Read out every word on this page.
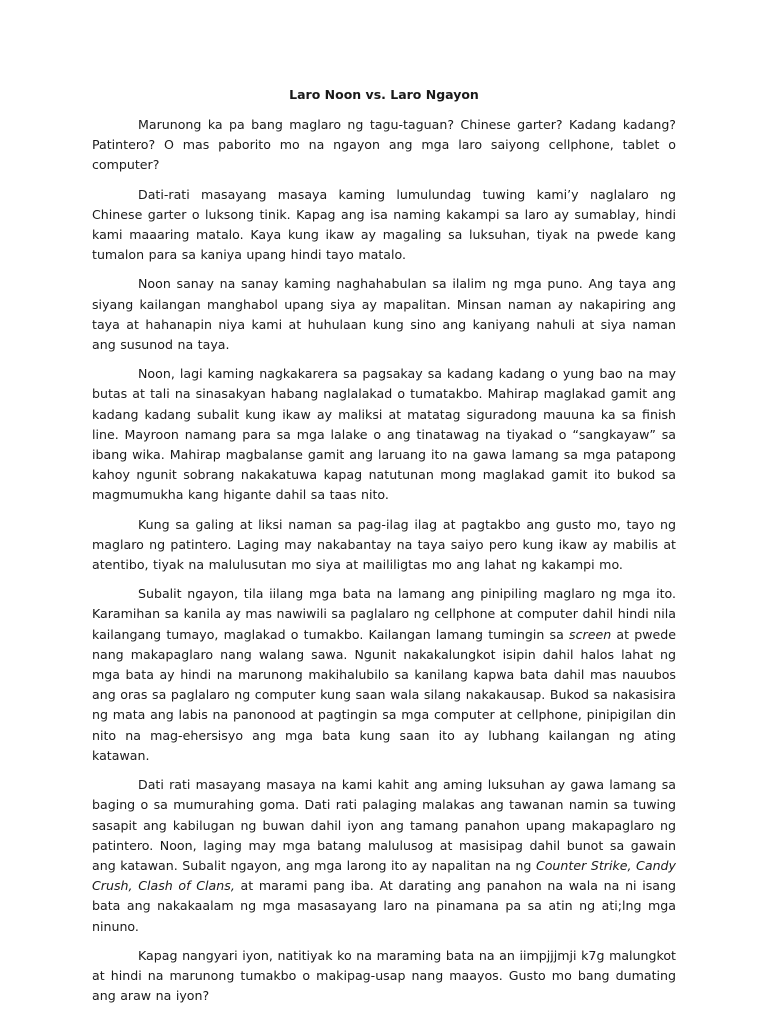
Laro Noon vs. Laro Ngayon

Marunong ka pa bang maglaro ng tagu-taguan? Chinese garter? Kadang kadang? Patintero? O mas paborito mo na ngayon ang mga laro saiyong cellphone, tablet o computer?

Dati-rati masayang masaya kaming lumulundag tuwing kami’y naglalaro ng Chinese garter o luksong tinik. Kapag ang isa naming kakampi sa laro ay sumablay, hindi kami maaaring matalo. Kaya kung ikaw ay magaling sa luksuhan, tiyak na pwede kang tumalon para sa kaniya upang hindi tayo matalo.

Noon sanay na sanay kaming naghahabulan sa ilalim ng mga puno. Ang taya ang siyang kailangan manghabol upang siya ay mapalitan. Minsan naman ay nakapiring ang taya at hahanapin niya kami at huhulaan kung sino ang kaniyang nahuli at siya naman ang susunod na taya.

Noon, lagi kaming nagkakarera sa pagsakay sa kadang kadang o yung bao na may butas at tali na sinasakyan habang naglalakad o tumatakbo. Mahirap maglakad gamit ang kadang kadang subalit kung ikaw ay maliksi at matatag siguradong mauuna ka sa finish line. Mayroon namang para sa mga lalake o ang tinatawag na tiyakad o “sangkayaw” sa ibang wika. Mahirap magbalanse gamit ang laruang ito na gawa lamang sa mga patapong kahoy ngunit sobrang nakakatuwa kapag natutunan mong maglakad gamit ito bukod sa magmumukha kang higante dahil sa taas nito.

Kung sa galing at liksi naman sa pag-ilag ilag at pagtakbo ang gusto mo, tayo ng maglaro ng patintero. Laging may nakabantay na taya saiyo pero kung ikaw ay mabilis at atentibo, tiyak na malulusutan mo siya at maililigtas mo ang lahat ng kakampi mo.

Subalit ngayon, tila iilang mga bata na lamang ang pinipiling maglaro ng mga ito. Karamihan sa kanila ay mas nawiwili sa paglalaro ng cellphone at computer dahil hindi nila kailangang tumayo, maglakad o tumakbo. Kailangan lamang tumingin sa screen at pwede nang makapaglaro nang walang sawa. Ngunit nakakalungkot isipin dahil halos lahat ng mga bata ay hindi na marunong makihalubilo sa kanilang kapwa bata dahil mas nauubos ang oras sa paglalaro ng computer kung saan wala silang nakakausap. Bukod sa nakasisira ng mata ang labis na panonood at pagtingin sa mga computer at cellphone, pinipigilan din nito na mag-ehersisyo ang mga bata kung saan ito ay lubhang kailangan ng ating katawan.

Dati rati masayang masaya na kami kahit ang aming luksuhan ay gawa lamang sa baging o sa mumurahing goma. Dati rati palaging malakas ang tawanan namin sa tuwing sasapit ang kabilugan ng buwan dahil iyon ang tamang panahon upang makapaglaro ng patintero. Noon, laging may mga batang malulusog at masisipag dahil bunot sa gawain ang katawan. Subalit ngayon, ang mga larong ito ay napalitan na ng Counter Strike, Candy Crush, Clash of Clans, at marami pang iba. At darating ang panahon na wala na ni isang bata ang nakakaalam ng mga masasayang laro na pinamana pa sa atin ng ati;lng mga ninuno.

Kapag nangyari iyon, natitiyak ko na maraming bata na an iimpjjjmji k7g malungkot at hindi na marunong tumakbo o makipag-usap nang maayos. Gusto mo bang dumating ang araw na iyon?
